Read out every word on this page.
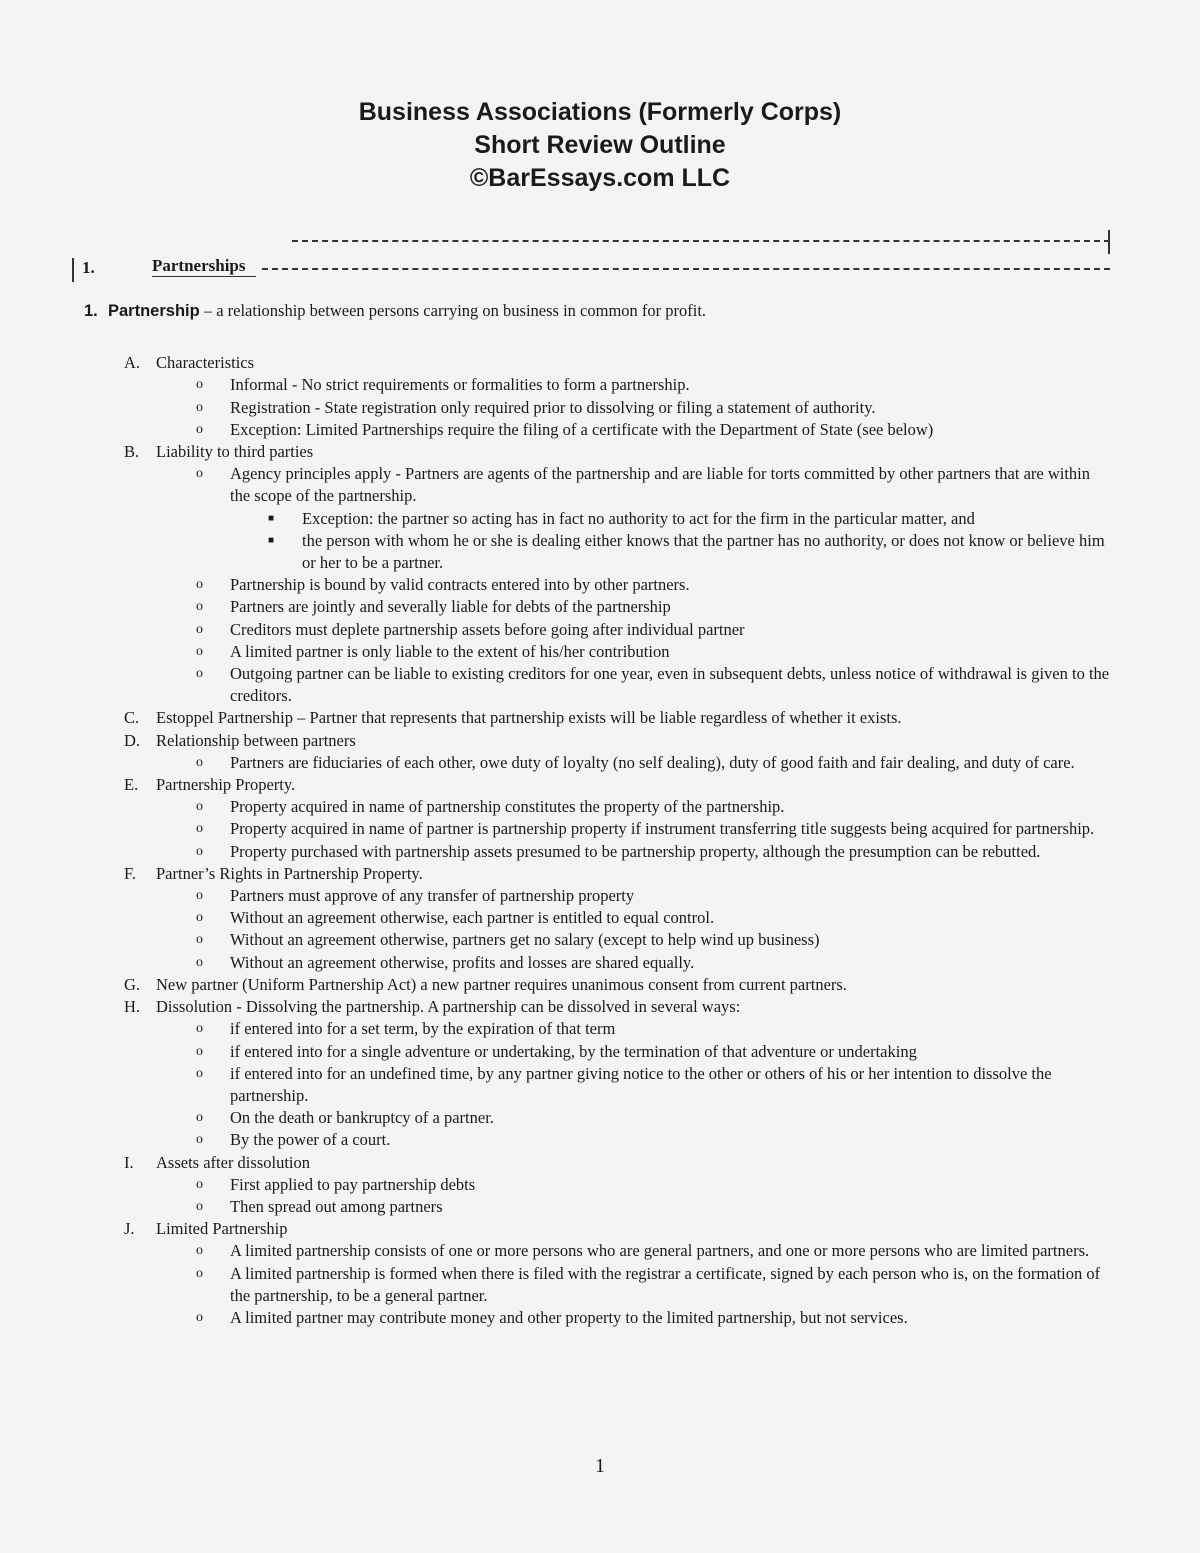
Business Associations (Formerly Corps)
Short Review Outline
©BarEssays.com LLC
1.	Partnerships
1. Partnership – a relationship between persons carrying on business in common for profit.
A. Characteristics
o Informal - No strict requirements or formalities to form a partnership.
o Registration - State registration only required prior to dissolving or filing a statement of authority.
o Exception: Limited Partnerships require the filing of a certificate with the Department of State (see below)
B. Liability to third parties
o Agency principles apply - Partners are agents of the partnership and are liable for torts committed by other partners that are within the scope of the partnership.
■ Exception: the partner so acting has in fact no authority to act for the firm in the particular matter, and
■ the person with whom he or she is dealing either knows that the partner has no authority, or does not know or believe him or her to be a partner.
o Partnership is bound by valid contracts entered into by other partners.
o Partners are jointly and severally liable for debts of the partnership
o Creditors must deplete partnership assets before going after individual partner
o A limited partner is only liable to the extent of his/her contribution
o Outgoing partner can be liable to existing creditors for one year, even in subsequent debts, unless notice of withdrawal is given to the creditors.
C. Estoppel Partnership – Partner that represents that partnership exists will be liable regardless of whether it exists.
D. Relationship between partners
o Partners are fiduciaries of each other, owe duty of loyalty (no self dealing), duty of good faith and fair dealing, and duty of care.
E. Partnership Property.
o Property acquired in name of partnership constitutes the property of the partnership.
o Property acquired in name of partner is partnership property if instrument transferring title suggests being acquired for partnership.
o Property purchased with partnership assets presumed to be partnership property, although the presumption can be rebutted.
F. Partner’s Rights in Partnership Property.
o Partners must approve of any transfer of partnership property
o Without an agreement otherwise, each partner is entitled to equal control.
o Without an agreement otherwise, partners get no salary (except to help wind up business)
o Without an agreement otherwise, profits and losses are shared equally.
G. New partner (Uniform Partnership Act) a new partner requires unanimous consent from current partners.
H. Dissolution - Dissolving the partnership. A partnership can be dissolved in several ways:
o if entered into for a set term, by the expiration of that term
o if entered into for a single adventure or undertaking, by the termination of that adventure or undertaking
o if entered into for an undefined time, by any partner giving notice to the other or others of his or her intention to dissolve the partnership.
o On the death or bankruptcy of a partner.
o By the power of a court.
I. Assets after dissolution
o First applied to pay partnership debts
o Then spread out among partners
J. Limited Partnership
o A limited partnership consists of one or more persons who are general partners, and one or more persons who are limited partners.
o A limited partnership is formed when there is filed with the registrar a certificate, signed by each person who is, on the formation of the partnership, to be a general partner.
o A limited partner may contribute money and other property to the limited partnership, but not services.
1
